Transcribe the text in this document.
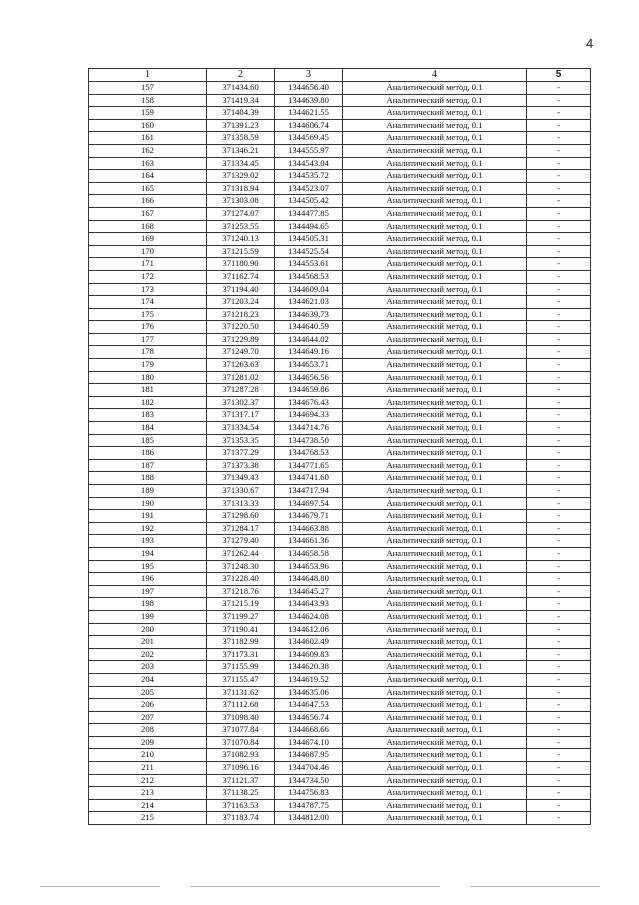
4
1	2	3	4	5
157	371434.60	1344656.40	Аналитический метод, 0.1	-
158	371419.34	1344639.80	Аналитический метод, 0.1	-
159	371404.39	1344621.55	Аналитический метод, 0.1	-
160	371391.23	1344606.74	Аналитический метод, 0.1	-
161	371358.59	1344569.45	Аналитический метод, 0.1	-
162	371346.21	1344555.97	Аналитический метод, 0.1	-
163	371334.45	1344543.04	Аналитический метод, 0.1	-
164	371329.02	1344535.72	Аналитический метод, 0.1	-
165	371318.94	1344523.07	Аналитический метод, 0.1	-
166	371303.08	1344505.42	Аналитический метод, 0.1	-
167	371274.07	1344477.85	Аналитический метод, 0.1	-
168	371253.55	1344494.65	Аналитический метод, 0.1	-
169	371240.13	1344505.31	Аналитический метод, 0.1	-
170	371215.59	1344525.54	Аналитический метод, 0.1	-
171	371180.90	1344553.61	Аналитический метод, 0.1	-
172	371162.74	1344568.53	Аналитический метод, 0.1	-
173	371194.40	1344609.04	Аналитический метод, 0.1	-
174	371203.24	1344621.03	Аналитический метод, 0.1	-
175	371218.23	1344639.73	Аналитический метод, 0.1	-
176	371220.50	1344640.59	Аналитический метод, 0.1	-
177	371229.89	1344644.02	Аналитический метод, 0.1	-
178	371249.70	1344649.16	Аналитический метод, 0.1	-
179	371263.63	1344653.71	Аналитический метод, 0.1	-
180	371281.02	1344656.56	Аналитический метод, 0.1	-
181	371287.28	1344659.86	Аналитический метод, 0.1	-
182	371302.37	1344676.43	Аналитический метод, 0.1	-
183	371317.17	1344694.33	Аналитический метод, 0.1	-
184	371334.54	1344714.76	Аналитический метод, 0.1	-
185	371353.35	1344738.50	Аналитический метод, 0.1	-
186	371377.29	1344768.53	Аналитический метод, 0.1	-
187	371373.38	1344771.65	Аналитический метод, 0.1	-
188	371349.43	1344741.60	Аналитический метод, 0.1	-
189	371330.67	1344717.94	Аналитический метод, 0.1	-
190	371313.33	1344697.54	Аналитический метод, 0.1	-
191	371298.60	1344679.71	Аналитический метод, 0.1	-
192	371284.17	1344663.88	Аналитический метод, 0.1	-
193	371279.40	1344661.36	Аналитический метод, 0.1	-
194	371262.44	1344658.58	Аналитический метод, 0.1	-
195	371248.30	1344653.96	Аналитический метод, 0.1	-
196	371228.40	1344648.80	Аналитический метод, 0.1	-
197	371218.76	1344645.27	Аналитический метод, 0.1	-
198	371215.19	1344643.93	Аналитический метод, 0.1	-
199	371199.27	1344624.08	Аналитический метод, 0.1	-
200	371190.41	1344612.06	Аналитический метод, 0.1	-
201	371182.99	1344602.49	Аналитический метод, 0.1	-
202	371173.31	1344609.83	Аналитический метод, 0.1	-
203	371155.99	1344620.38	Аналитический метод, 0.1	-
204	371155.47	1344619.52	Аналитический метод, 0.1	-
205	371131.62	1344635.06	Аналитический метод, 0.1	-
206	371112.68	1344647.53	Аналитический метод, 0.1	-
207	371098.40	1344656.74	Аналитический метод, 0.1	-
208	371077.84	1344668.66	Аналитический метод, 0.1	-
209	371070.84	1344674.10	Аналитический метод, 0.1	-
210	371082.93	1344687.95	Аналитический метод, 0.1	-
211	371096.16	1344704.46	Аналитический метод, 0.1	-
212	371121.37	1344734.50	Аналитический метод, 0.1	-
213	371138.25	1344756.83	Аналитический метод, 0.1	-
214	371163.53	1344787.75	Аналитический метод, 0.1	-
215	371183.74	1344812.00	Аналитический метод, 0.1	-
